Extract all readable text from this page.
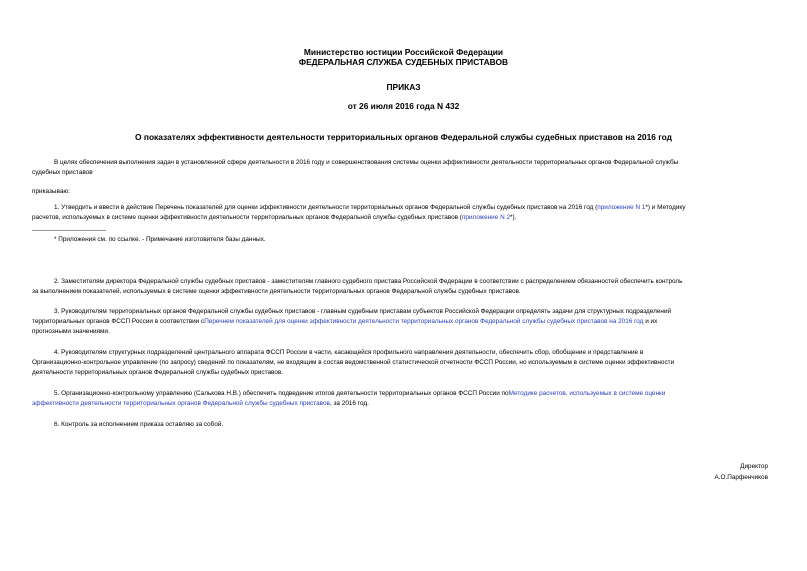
Министерство юстиции Российской Федерации
ФЕДЕРАЛЬНАЯ СЛУЖБА СУДЕБНЫХ ПРИСТАВОВ
ПРИКАЗ
от 26 июля 2016 года N 432
О показателях эффективности деятельности территориальных органов Федеральной службы судебных приставов на 2016 год
В целях обеспечения выполнения задач в установленной сфере деятельности в 2016 году и совершенствования системы оценки эффективности деятельности территориальных органов Федеральной службы
судебных приставов
приказываю:
1. Утвердить и ввести в действие Перечень показателей для оценки эффективности деятельности территориальных органов Федеральной службы судебных приставов на 2016 год (приложение N 1*) и Методику
расчетов, используемых в системе оценки эффективности деятельности территориальных органов Федеральной службы судебных приставов (приложение N 2*).
* Приложения см. по ссылке. - Примечание изготовителя базы данных.
2. Заместителям директора Федеральной службы судебных приставов - заместителям главного судебного пристава Российской Федерации в соответствии с распределением обязанностей обеспечить контроль
за выполнением показателей, используемых в системе оценки эффективности деятельности территориальных органов Федеральной службы судебных приставов.
3. Руководителям территориальных органов Федеральной службы судебных приставов - главным судебным приставам субъектов Российской Федерации определять задачи для структурных подразделений
территориальных органов ФССП России в соответствии сПеречнем показателей для оценки эффективности деятельности территориальных органов Федеральной службы судебных приставов на 2016 год и их
прогнозными значениями.
4. Руководителям структурных подразделений центрального аппарата ФССП России в части, касающейся профильного направления деятельности, обеспечить сбор, обобщение и представление в
Организационно-контрольное управление (по запросу) сведений по показателям, не входящим в состав ведомственной статистической отчетности ФССП России, но используемым в системе оценки эффективности
деятельности территориальных органов Федеральной службы судебных приставов.
5. Организационно-контрольному управлению (Салькова Н.В.) обеспечить подведение итогов деятельности территориальных органов ФССП России поМетодике расчетов, используемых в системе оценки
эффективности деятельности территориальных органов Федеральной службы судебных приставов, за 2016 год.
6. Контроль за исполнением приказа оставляю за собой.
Директор
А.О.Парфенчиков
